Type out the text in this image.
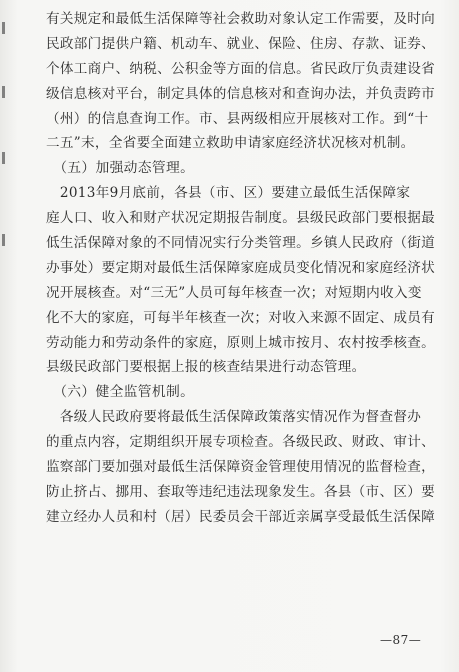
有关规定和最低生活保障等社会救助对象认定工作需要，及时向
民政部门提供户籍、机动车、就业、保险、住房、存款、证券、
个体工商户、纳税、公积金等方面的信息。省民政厅负责建设省
级信息核对平台，制定具体的信息核对和查询办法，并负责跨市
（州）的信息查询工作。市、县两级相应开展核对工作。到“十
二五”末，全省要全面建立救助申请家庭经济状况核对机制。
　（五）加强动态管理。
　2013年9月底前，各县（市、区）要建立最低生活保障家
庭人口、收入和财产状况定期报告制度。县级民政部门要根据最
低生活保障对象的不同情况实行分类管理。乡镇人民政府（街道
办事处）要定期对最低生活保障家庭成员变化情况和家庭经济状
况开展核查。对“三无”人员可每年核查一次；对短期内收入变
化不大的家庭，可每半年核查一次；对收入来源不固定、成员有
劳动能力和劳动条件的家庭，原则上城市按月、农村按季核查。
县级民政部门要根据上报的核查结果进行动态管理。
　（六）健全监管机制。
　各级人民政府要将最低生活保障政策落实情况作为督查督办
的重点内容，定期组织开展专项检查。各级民政、财政、审计、
监察部门要加强对最低生活保障资金管理使用情况的监督检查，
防止挤占、挪用、套取等违纪违法现象发生。各县（市、区）要
建立经办人员和村（居）民委员会干部近亲属享受最低生活保障
—87—
